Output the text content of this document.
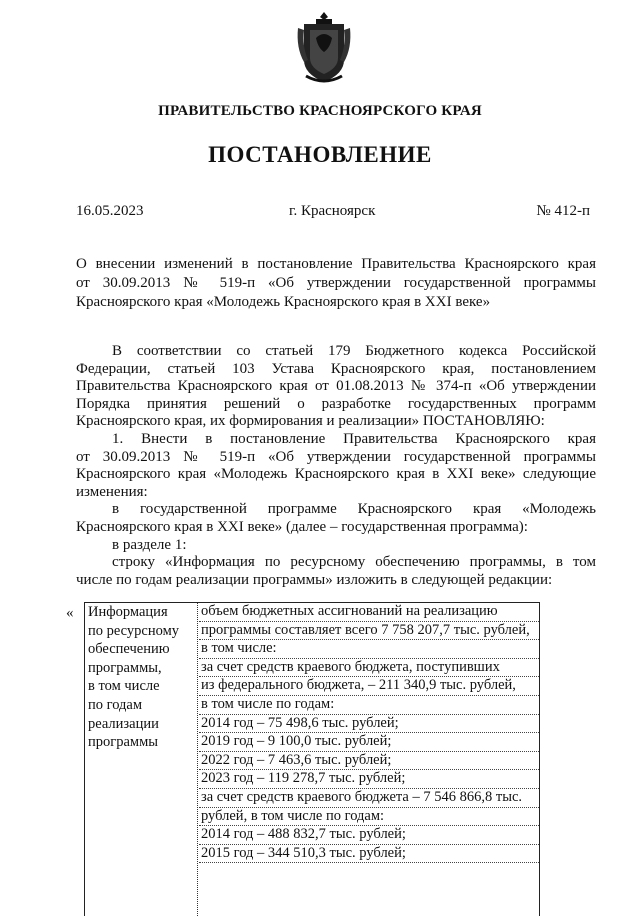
ПРАВИТЕЛЬСТВО КРАСНОЯРСКОГО КРАЯ
ПОСТАНОВЛЕНИЕ
16.05.2023	г. Красноярск	№ 412-п
О внесении изменений в постановление Правительства Красноярского края
от 30.09.2013 № 519-п «Об утверждении государственной программы
Красноярского края «Молодежь Красноярского края в XXI веке»
В соответствии со статьей 179 Бюджетного кодекса Российской
Федерации, статьей 103 Устава Красноярского края, постановлением
Правительства Красноярского края от 01.08.2013 № 374-п «Об утверждении
Порядка принятия решений о разработке государственных программ
Красноярского края, их формирования и реализации» ПОСТАНОВЛЯЮ:
1. Внести в постановление Правительства Красноярского края
от 30.09.2013 № 519-п «Об утверждении государственной программы
Красноярского края «Молодежь Красноярского края в XXI веке» следующие
изменения:
в государственной программе Красноярского края «Молодежь
Красноярского края в XXI веке» (далее – государственная программа):
в разделе 1:
строку «Информация по ресурсному обеспечению программы, в том
числе по годам реализации программы» изложить в следующей редакции:
« Информация
по ресурсному
обеспечению
программы,
в том числе
по годам
реализации
программы
объем бюджетных ассигнований на реализацию
программы составляет всего 7 758 207,7 тыс. рублей,
в том числе:
за счет средств краевого бюджета, поступивших
из федерального бюджета, – 211 340,9 тыс. рублей,
в том числе по годам:
2014 год – 75 498,6 тыс. рублей;
2019 год – 9 100,0 тыс. рублей;
2022 год – 7 463,6 тыс. рублей;
2023 год – 119 278,7 тыс. рублей;
за счет средств краевого бюджета – 7 546 866,8 тыс.
рублей, в том числе по годам:
2014 год – 488 832,7 тыс. рублей;
2015 год – 344 510,3 тыс. рублей;
